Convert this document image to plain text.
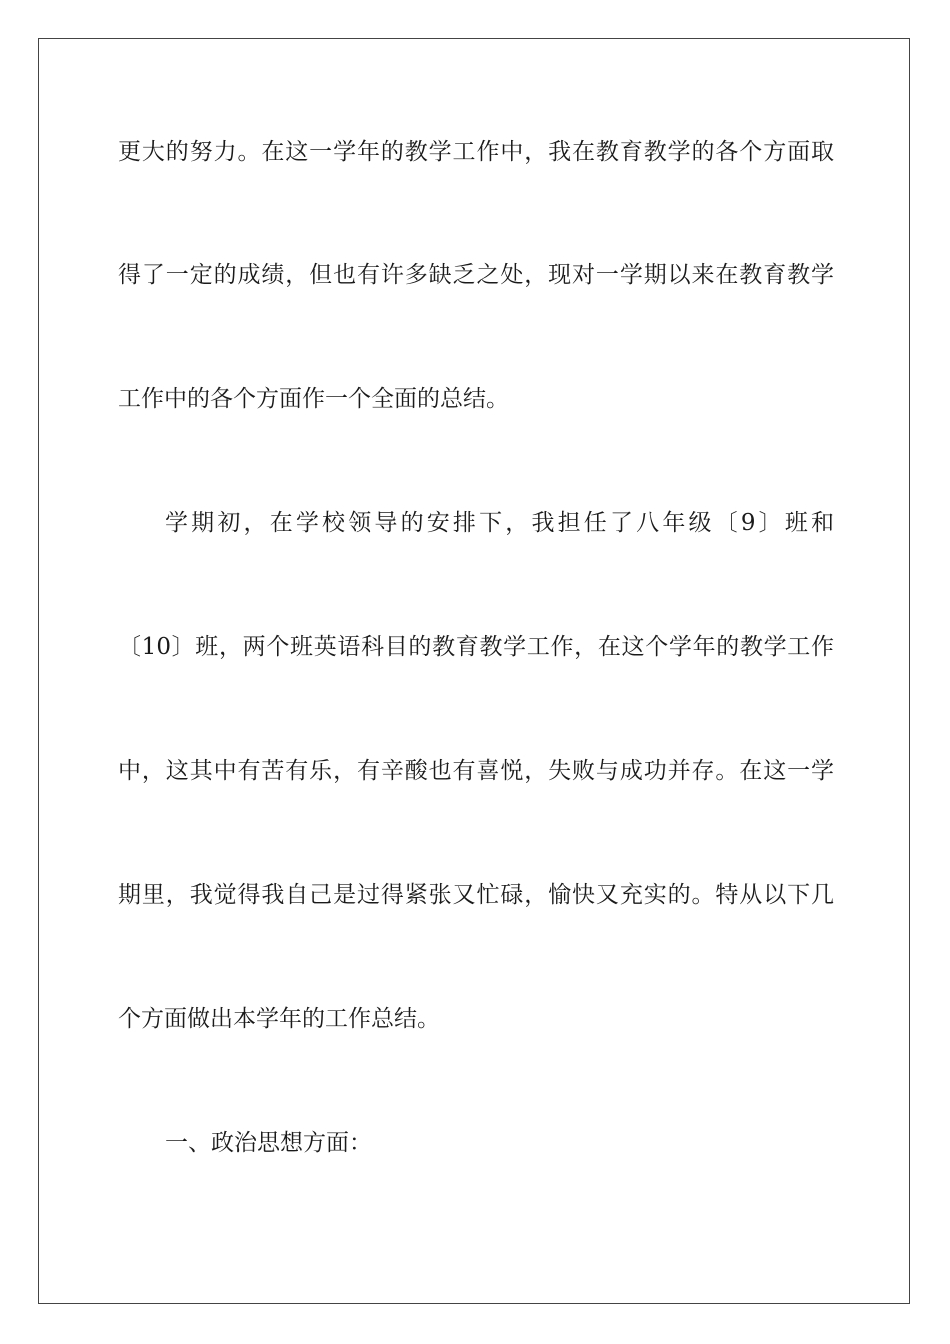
更大的努力。在这一学年的教学工作中，我在教育教学的各个方面取
得了一定的成绩，但也有许多缺乏之处，现对一学期以来在教育教学
工作中的各个方面作一个全面的总结。
学期初，在学校领导的安排下，我担任了八年级〔9〕班和
〔10〕班，两个班英语科目的教育教学工作，在这个学年的教学工作
中，这其中有苦有乐，有辛酸也有喜悦，失败与成功并存。在这一学
期里，我觉得我自己是过得紧张又忙碌，愉快又充实的。特从以下几
个方面做出本学年的工作总结。
一、政治思想方面：
